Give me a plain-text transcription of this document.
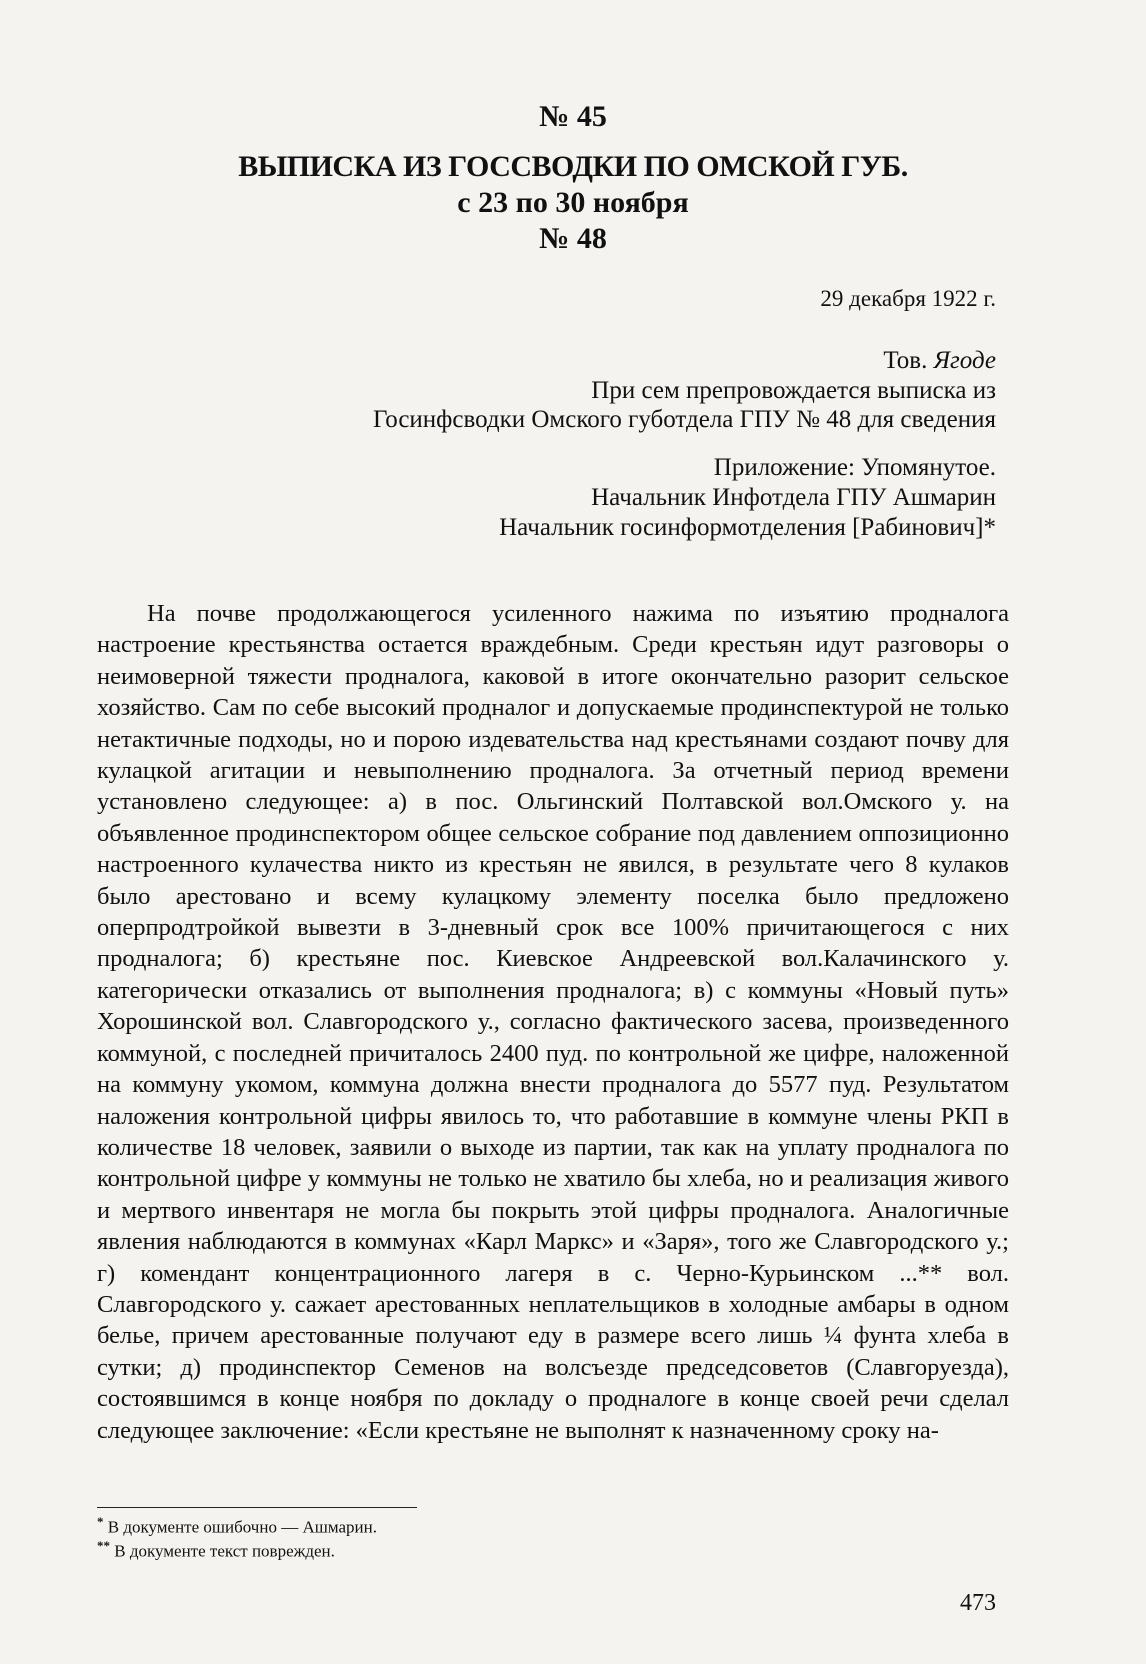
№ 45
ВЫПИСКА ИЗ ГОССВОДКИ ПО ОМСКОЙ ГУБ.
с 23 по 30 ноября
№ 48
29 декабря 1922 г.
Тов. Ягоде
При сем препровождается выписка из
Госинфсводки Омского губотдела ГПУ № 48 для сведения
Приложение: Упомянутое.
Начальник Инфотдела ГПУ Ашмарин
Начальник госинформотделения [Рабинович]*

На почве продолжающегося усиленного нажима по изъятию продналога настроение крестьянства остается враждебным. Среди крестьян идут разговоры о неимоверной тяжести продналога, каковой в итоге окончательно разорит сельское хозяйство. Сам по себе высокий продналог и допускаемые продинспектурой не только нетактичные подходы, но и порою издевательства над крестьянами создают почву для кулацкой агитации и невыполнению продналога. За отчетный период времени установлено следующее: а) в пос. Ольгинский Полтавской вол.Омского у. на объявленное продинспектором общее сельское собрание под давлением оппозиционно настроенного кулачества никто из крестьян не явился, в результате чего 8 кулаков было арестовано и всему кулацкому элементу поселка было предложено оперпродтройкой вывезти в 3-дневный срок все 100% причитающегося с них продналога; б) крестьяне пос. Киевское Андреевской вол.Калачинского у. категорически отказались от выполнения продналога; в) с коммуны «Новый путь» Хорошинской вол. Славгородского у., согласно фактического засева, произведенного коммуной, с последней причиталось 2400 пуд. по контрольной же цифре, наложенной на коммуну укомом, коммуна должна внести продналога до 5577 пуд. Результатом наложения контрольной цифры явилось то, что работавшие в коммуне члены РКП в количестве 18 человек, заявили о выходе из партии, так как на уплату продналога по контрольной цифре у коммуны не только не хватило бы хлеба, но и реализация живого и мертвого инвентаря не могла бы покрыть этой цифры продналога. Аналогичные явления наблюдаются в коммунах «Карл Маркс» и «Заря», того же Славгородского у.; г) комендант концентрационного лагеря в с. Черно-Курьинском ...** вол. Славгородского у. сажает арестованных неплательщиков в холодные амбары в одном белье, причем арестованные получают еду в размере всего лишь ¼ фунта хлеба в сутки; д) продинспектор Семенов на волсъезде председсоветов (Славгоруезда), состоявшимся в конце ноября по докладу о продналоге в конце своей речи сделал следующее заключение: «Если крестьяне не выполнят к назначенному сроку на-

* В документе ошибочно — Ашмарин.
** В документе текст поврежден.
473
